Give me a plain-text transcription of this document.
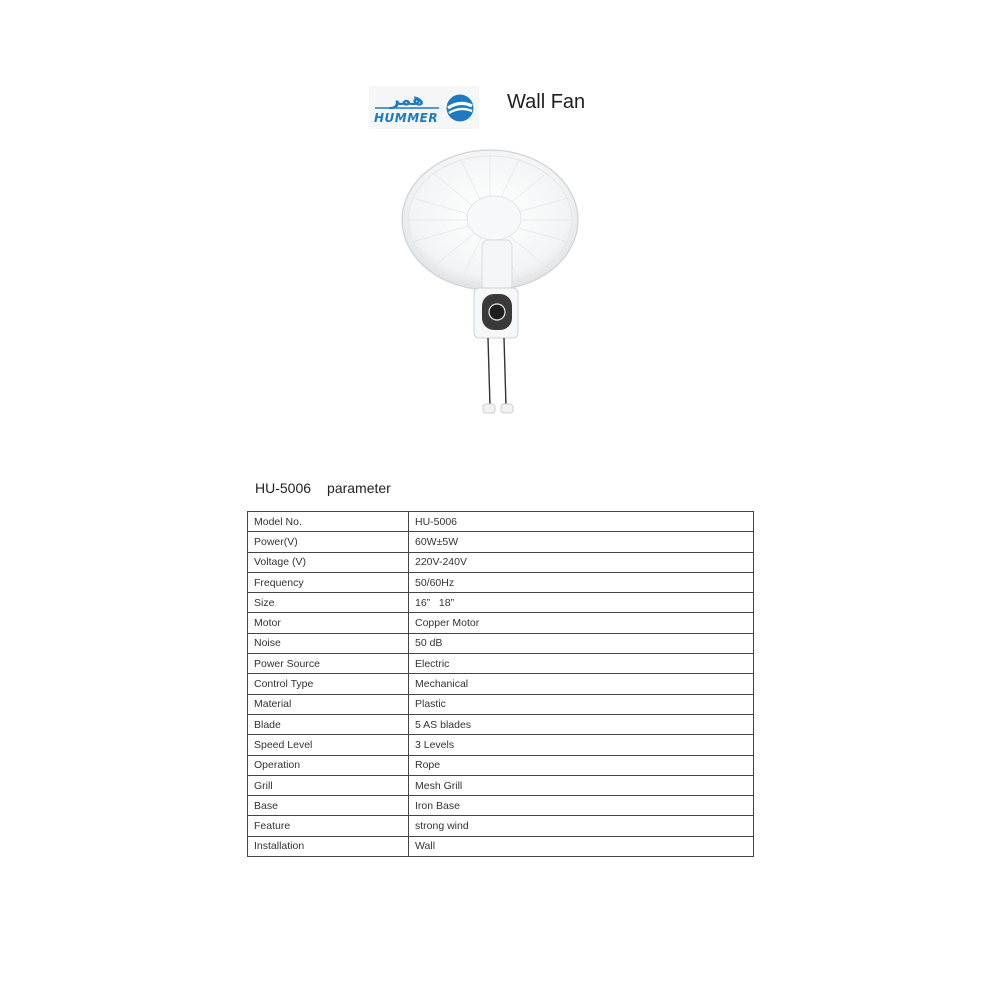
همر
HUMMER
Wall Fan
HU-5006 parameter
Model No.	HU-5006
Power(V)	60W±5W
Voltage (V)	220V-240V
Frequency	50/60Hz
Size	16”   18”
Motor	Copper Motor
Noise	50 dB
Power Source	Electric
Control Type	Mechanical
Material	Plastic
Blade	5 AS blades
Speed Level	3 Levels
Operation	Rope
Grill	Mesh Grill
Base	Iron Base
Feature	strong wind
Installation	Wall
